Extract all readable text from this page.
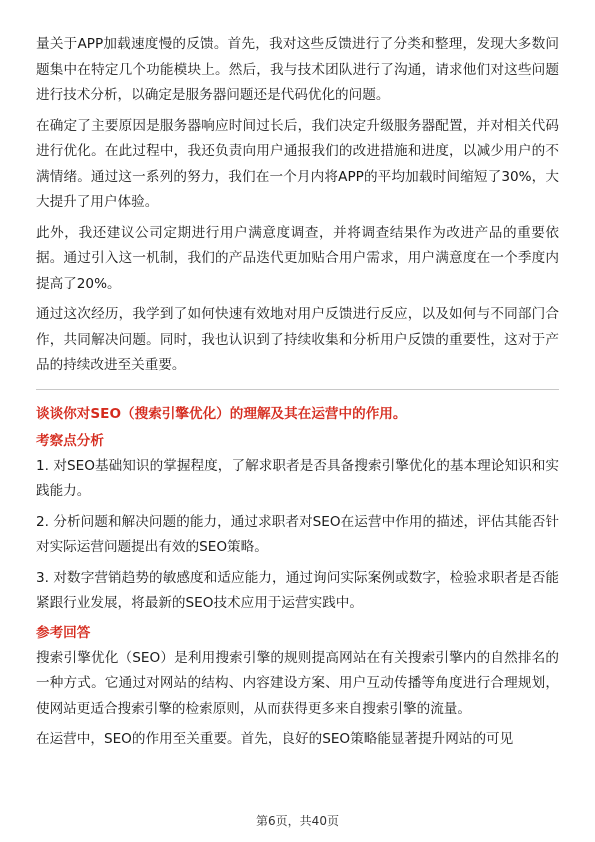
量关于APP加载速度慢的反馈。首先，我对这些反馈进行了分类和整理，发现大多数问题集中在特定几个功能模块上。然后，我与技术团队进行了沟通，请求他们对这些问题进行技术分析，以确定是服务器问题还是代码优化的问题。

在确定了主要原因是服务器响应时间过长后，我们决定升级服务器配置，并对相关代码进行优化。在此过程中，我还负责向用户通报我们的改进措施和进度，以减少用户的不满情绪。通过这一系列的努力，我们在一个月内将APP的平均加载时间缩短了30%，大大提升了用户体验。

此外，我还建议公司定期进行用户满意度调查，并将调查结果作为改进产品的重要依据。通过引入这一机制，我们的产品迭代更加贴合用户需求，用户满意度在一个季度内提高了20%。

通过这次经历，我学到了如何快速有效地对用户反馈进行反应，以及如何与不同部门合作，共同解决问题。同时，我也认识到了持续收集和分析用户反馈的重要性，这对于产品的持续改进至关重要。

谈谈你对SEO（搜索引擎优化）的理解及其在运营中的作用。
考察点分析

1. 对SEO基础知识的掌握程度，了解求职者是否具备搜索引擎优化的基本理论知识和实践能力。

2. 分析问题和解决问题的能力，通过求职者对SEO在运营中作用的描述，评估其能否针对实际运营问题提出有效的SEO策略。

3. 对数字营销趋势的敏感度和适应能力，通过询问实际案例或数字，检验求职者是否能紧跟行业发展，将最新的SEO技术应用于运营实践中。

参考回答

搜索引擎优化（SEO）是利用搜索引擎的规则提高网站在有关搜索引擎内的自然排名的一种方式。它通过对网站的结构、内容建设方案、用户互动传播等角度进行合理规划，使网站更适合搜索引擎的检索原则，从而获得更多来自搜索引擎的流量。

在运营中，SEO的作用至关重要。首先，良好的SEO策略能显著提升网站的可见

第6页，共40页
